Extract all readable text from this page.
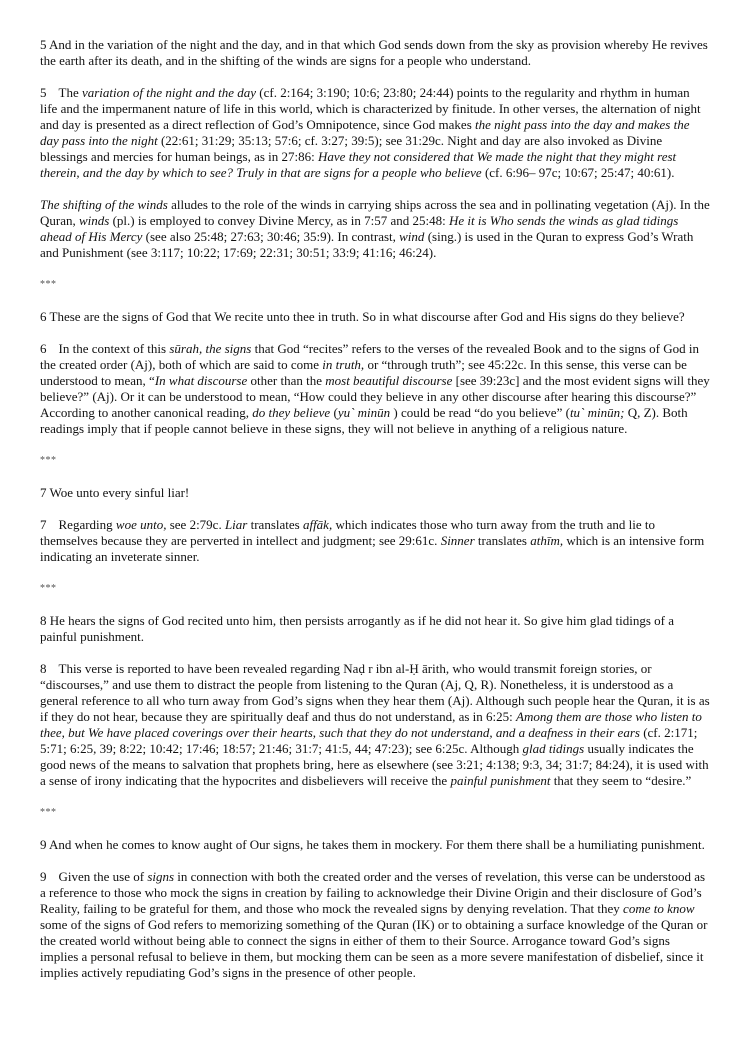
5 And in the variation of the night and the day, and in that which God sends down from the sky as provision whereby He revives the earth after its death, and in the shifting of the winds are signs for a people who understand.

5 The variation of the night and the day (cf. 2:164; 3:190; 10:6; 23:80; 24:44) points to the regularity and rhythm in human life and the impermanent nature of life in this world, which is characterized by finitude. In other verses, the alternation of night and day is presented as a direct reflection of God’s Omnipotence, since God makes the night pass into the day and makes the day pass into the night (22:61; 31:29; 35:13; 57:6; cf. 3:27; 39:5); see 31:29c. Night and day are also invoked as Divine blessings and mercies for human beings, as in 27:86: Have they not considered that We made the night that they might rest therein, and the day by which to see? Truly in that are signs for a people who believe (cf. 6:96– 97c; 10:67; 25:47; 40:61).

The shifting of the winds alludes to the role of the winds in carrying ships across the sea and in pollinating vegetation (Aj). In the Quran, winds (pl.) is employed to convey Divine Mercy, as in 7:57 and 25:48: He it is Who sends the winds as glad tidings ahead of His Mercy (see also 25:48; 27:63; 30:46; 35:9). In contrast, wind (sing.) is used in the Quran to express God’s Wrath and Punishment (see 3:117; 10:22; 17:69; 22:31; 30:51; 33:9; 41:16; 46:24).

***

6 These are the signs of God that We recite unto thee in truth. So in what discourse after God and His signs do they believe?

6 In the context of this sūrah, the signs that God “recites” refers to the verses of the revealed Book and to the signs of God in the created order (Aj), both of which are said to come in truth, or “through truth”; see 45:22c. In this sense, this verse can be understood to mean, “In what discourse other than the most beautiful discourse [see 39:23c] and the most evident signs will they believe?” (Aj). Or it can be understood to mean, “How could they believe in any other discourse after hearing this discourse?” According to another canonical reading, do they believe (yu` minūn ) could be read “do you believe” (tu` minūn; Q, Z). Both readings imply that if people cannot believe in these signs, they will not believe in anything of a religious nature.

***

7 Woe unto every sinful liar!

7 Regarding woe unto, see 2:79c. Liar translates affāk, which indicates those who turn away from the truth and lie to themselves because they are perverted in intellect and judgment; see 29:61c. Sinner translates athīm, which is an intensive form indicating an inveterate sinner.

***

8 He hears the signs of God recited unto him, then persists arrogantly as if he did not hear it. So give him glad tidings of a painful punishment.

8 This verse is reported to have been revealed regarding Naḍ r ibn al-Ḥ ārith, who would transmit foreign stories, or “discourses,” and use them to distract the people from listening to the Quran (Aj, Q, R). Nonetheless, it is understood as a general reference to all who turn away from God’s signs when they hear them (Aj). Although such people hear the Quran, it is as if they do not hear, because they are spiritually deaf and thus do not understand, as in 6:25: Among them are those who listen to thee, but We have placed coverings over their hearts, such that they do not understand, and a deafness in their ears (cf. 2:171; 5:71; 6:25, 39; 8:22; 10:42; 17:46; 18:57; 21:46; 31:7; 41:5, 44; 47:23); see 6:25c. Although glad tidings usually indicates the good news of the means to salvation that prophets bring, here as elsewhere (see 3:21; 4:138; 9:3, 34; 31:7; 84:24), it is used with a sense of irony indicating that the hypocrites and disbelievers will receive the painful punishment that they seem to “desire.”

***

9 And when he comes to know aught of Our signs, he takes them in mockery. For them there shall be a humiliating punishment.

9 Given the use of signs in connection with both the created order and the verses of revelation, this verse can be understood as a reference to those who mock the signs in creation by failing to acknowledge their Divine Origin and their disclosure of God’s Reality, failing to be grateful for them, and those who mock the revealed signs by denying revelation. That they come to know some of the signs of God refers to memorizing something of the Quran (IK) or to obtaining a surface knowledge of the Quran or the created world without being able to connect the signs in either of them to their Source. Arrogance toward God’s signs implies a personal refusal to believe in them, but mocking them can be seen as a more severe manifestation of disbelief, since it implies actively repudiating God’s signs in the presence of other people.
